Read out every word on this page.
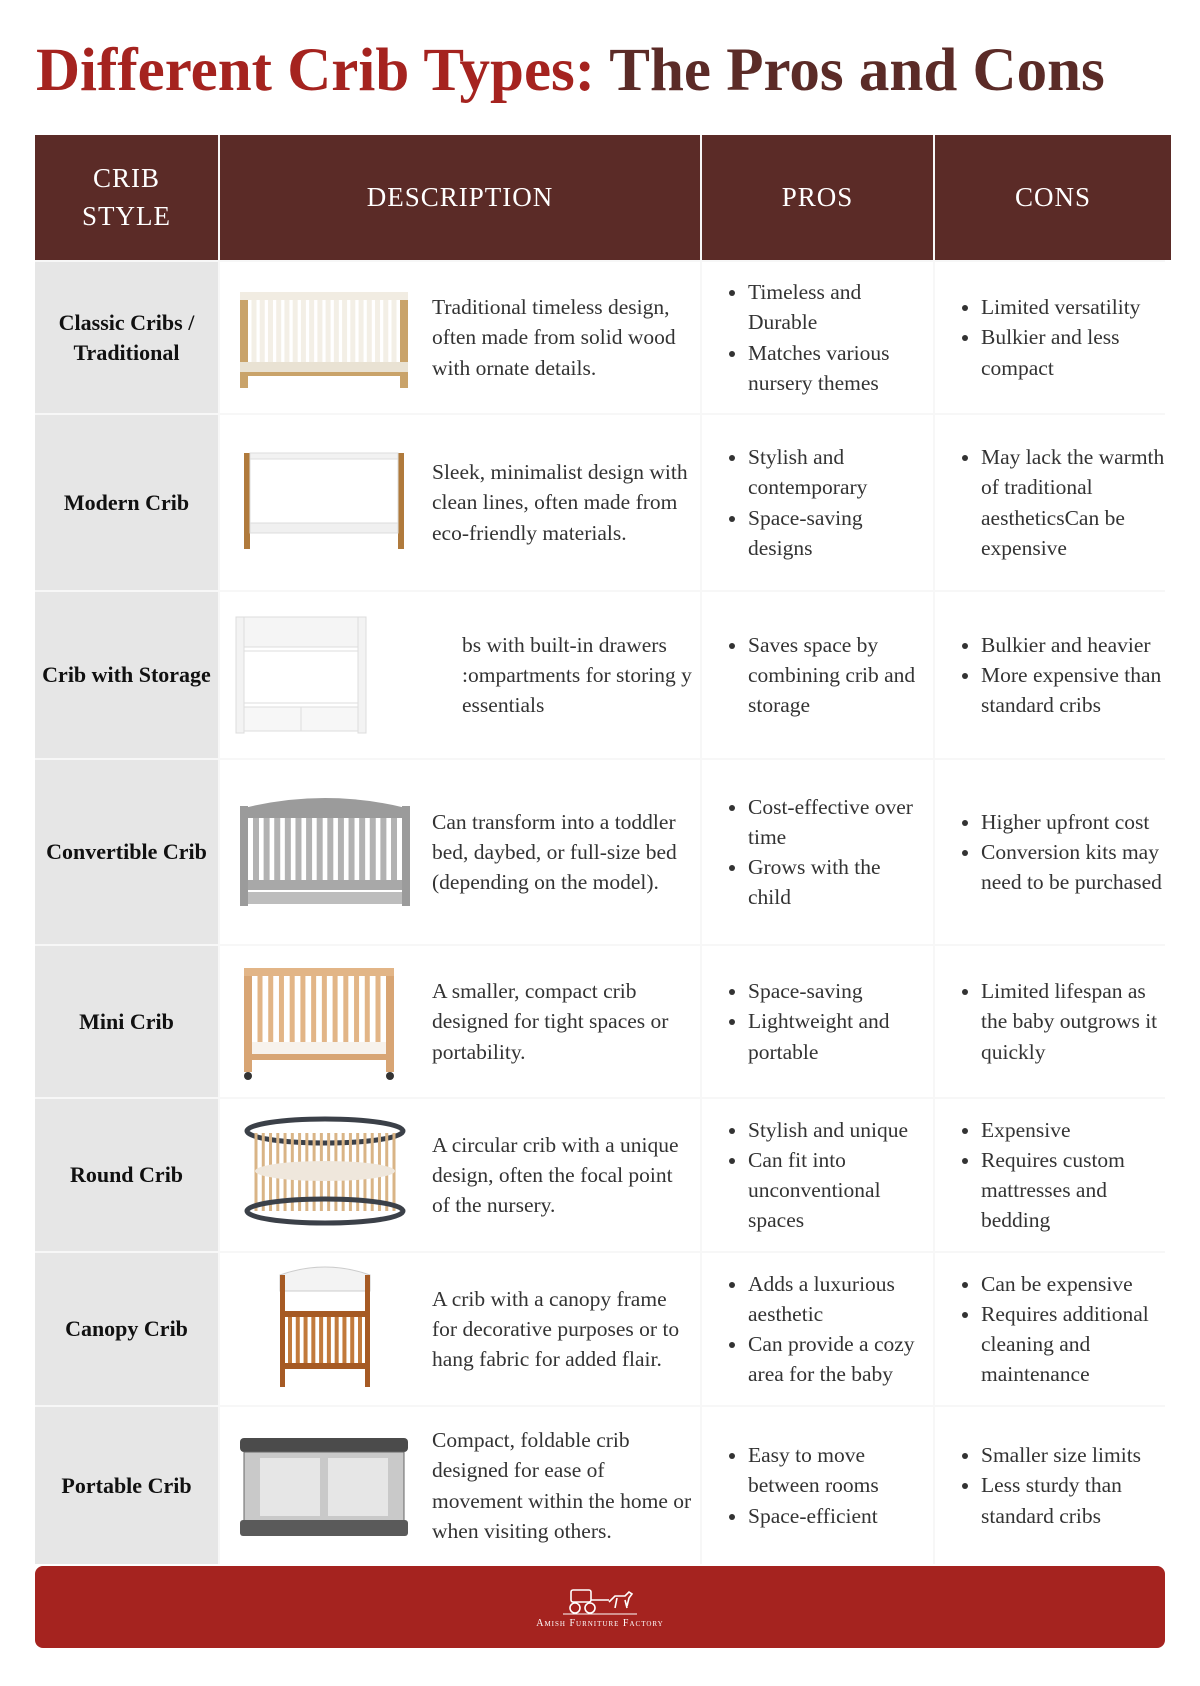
Different Crib Types: The Pros and Cons
CRIB STYLE
DESCRIPTION	PROS	CONS
Classic Cribs / Traditional
Traditional timeless design, often made from solid wood with ornate details.
• Timeless and Durable
• Matches various nursery themes
• Limited versatility
• Bulkier and less compact
Modern Crib
Sleek, minimalist design with clean lines, often made from eco-friendly materials.
• Stylish and contemporary
• Space-saving designs
• May lack the warmth of traditional aestheticsCan be expensive
Crib with Storage
bs with built-in drawers :ompartments for storing y essentials
• Saves space by combining crib and storage
• Bulkier and heavier
• More expensive than standard cribs
Convertible Crib
Can transform into a toddler bed, daybed, or full-size bed (depending on the model).
• Cost-effective over time
• Grows with the child
• Higher upfront cost
• Conversion kits may need to be purchased
Mini Crib
A smaller, compact crib designed for tight spaces or portability.
• Space-saving
• Lightweight and portable
• Limited lifespan as the baby outgrows it quickly
Round Crib
A circular crib with a unique design, often the focal point of the nursery.
• Stylish and unique
• Can fit into unconventional spaces
• Expensive
• Requires custom mattresses and bedding
Canopy Crib
A crib with a canopy frame for decorative purposes or to hang fabric for added flair.
• Adds a luxurious aesthetic
• Can provide a cozy area for the baby
• Can be expensive
• Requires additional cleaning and maintenance
Portable Crib
Compact, foldable crib designed for ease of movement within the home or when visiting others.
• Easy to move between rooms
• Space-efficient
• Smaller size limits
• Less sturdy than standard cribs
Amish Furniture Factory
